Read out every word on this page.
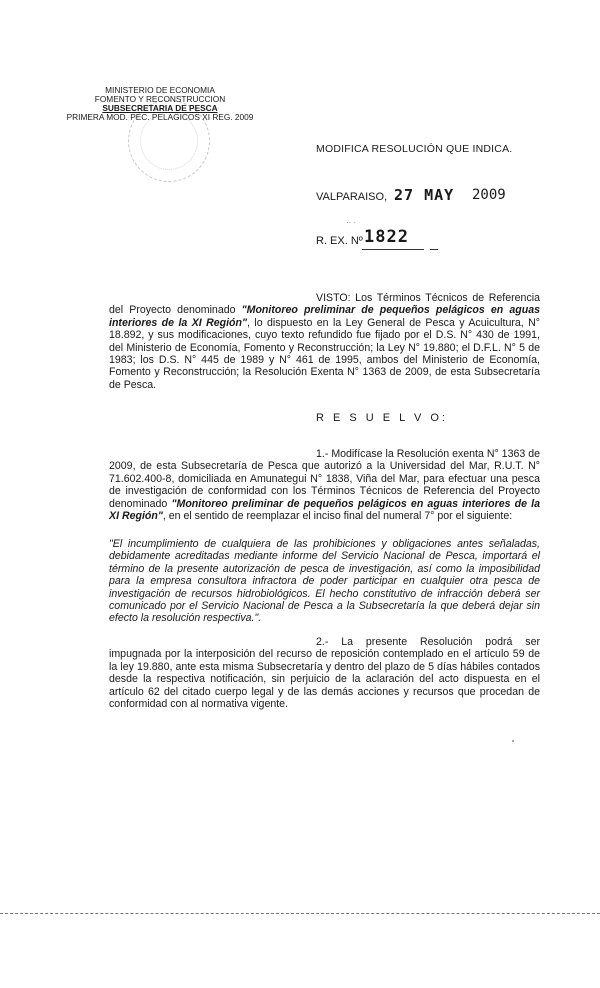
MINISTERIO DE ECONOMIA
FOMENTO Y RECONSTRUCCION
SUBSECRETARIA DE PESCA
PRIMERA MOD. PEC. PELAGICOS XI REG. 2009
MODIFICA RESOLUCIÓN QUE INDICA.
VALPARAISO, 27 MAY 2009
·· ·
R. EX. Nº 1822
VISTO: Los Términos Técnicos de Referencia del Proyecto denominado "Monitoreo preliminar de pequeños pelágicos en aguas interiores de la XI Región", lo dispuesto en la Ley General de Pesca y Acuicultura, N° 18.892, y sus modificaciones, cuyo texto refundido fue fijado por el D.S. N° 430 de 1991, del Ministerio de Economía, Fomento y Reconstrucción; la Ley N° 19.880; el D.F.L. N° 5 de 1983; los D.S. N° 445 de 1989 y N° 461 de 1995, ambos del Ministerio de Economía, Fomento y Reconstrucción; la Resolución Exenta N° 1363 de 2009, de esta Subsecretaría de Pesca.
R E S U E L V O:
1.- Modifícase la Resolución exenta N° 1363 de 2009, de esta Subsecretaría de Pesca que autorizó a la Universidad del Mar, R.U.T. N° 71.602.400-8, domiciliada en Amunategui N° 1838, Viña del Mar, para efectuar una pesca de investigación de conformidad con los Términos Técnicos de Referencia del Proyecto denominado "Monitoreo preliminar de pequeños pelágicos en aguas interiores de la XI Región", en el sentido de reemplazar el inciso final del numeral 7° por el siguiente:
"El incumplimiento de cualquiera de las prohibiciones y obligaciones antes señaladas, debidamente acreditadas mediante informe del Servicio Nacional de Pesca, importará el término de la presente autorización de pesca de investigación, así como la imposibilidad para la empresa consultora infractora de poder participar en cualquier otra pesca de investigación de recursos hidrobiológicos. El hecho constitutivo de infracción deberá ser comunicado por el Servicio Nacional de Pesca a la Subsecretaría la que deberá dejar sin efecto la resolución respectiva.".
2.- La presente Resolución podrá ser impugnada por la interposición del recurso de reposición contemplado en el artículo 59 de la ley 19.880, ante esta misma Subsecretaría y dentro del plazo de 5 días hábiles contados desde la respectiva notificación, sin perjuicio de la aclaración del acto dispuesta en el artículo 62 del citado cuerpo legal y de las demás acciones y recursos que procedan de conformidad con al normativa vigente.
